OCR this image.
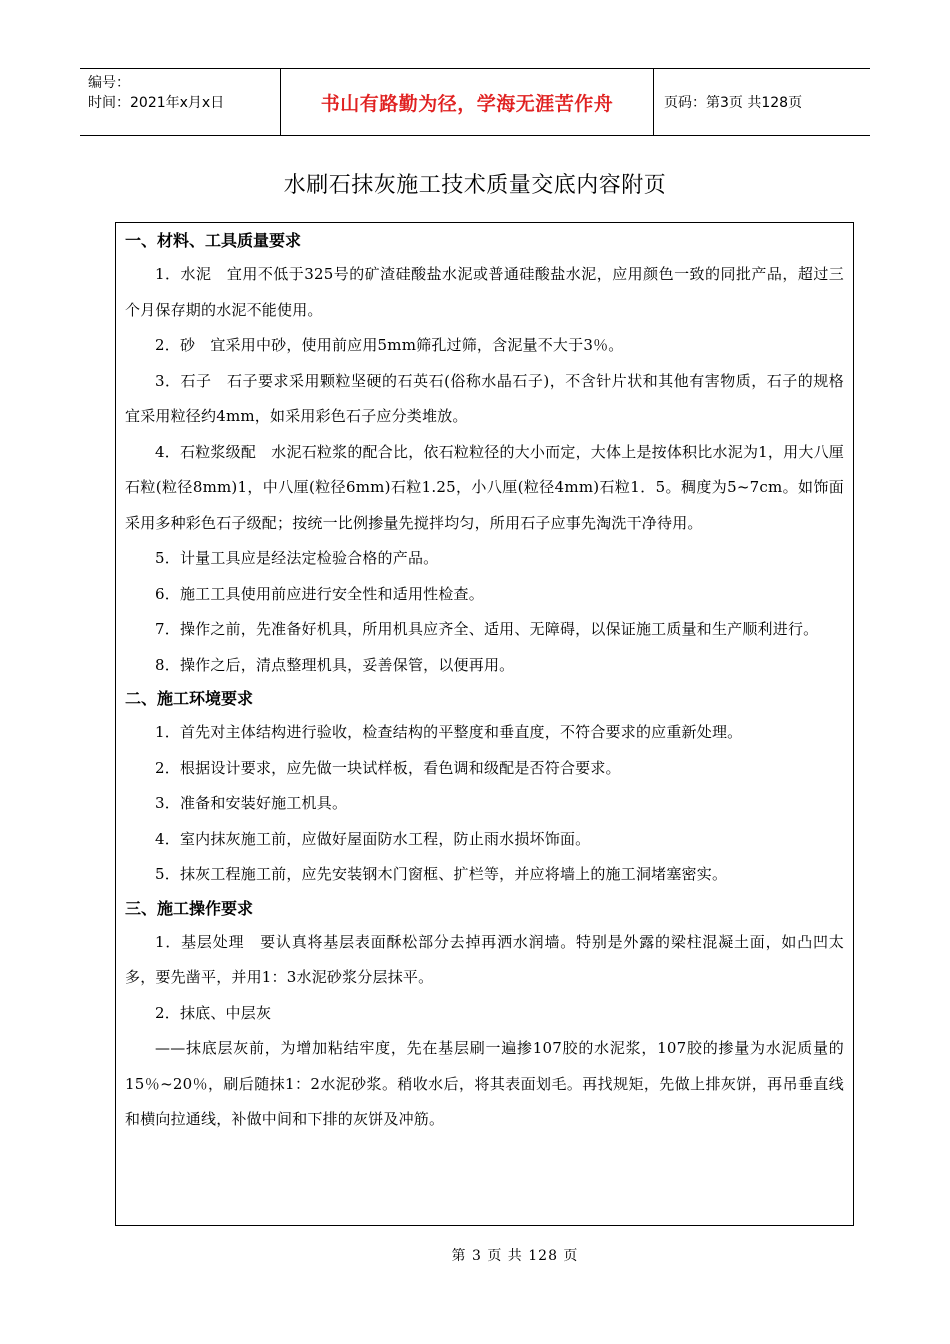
编号：
时间：2021年x月x日	书山有路勤为径，学海无涯苦作舟	页码：第3页 共128页
水刷石抹灰施工技术质量交底内容附页

一、材料、工具质量要求

1．水泥　宜用不低于325号的矿渣硅酸盐水泥或普通硅酸盐水泥，应用颜色一致的同批产品，超过三个月保存期的水泥不能使用。

2．砂　宜采用中砂，使用前应用5mm筛孔过筛，含泥量不大于3％。

3．石子　石子要求采用颗粒坚硬的石英石(俗称水晶石子)，不含针片状和其他有害物质，石子的规格宜采用粒径约4mm，如采用彩色石子应分类堆放。

4．石粒浆级配　水泥石粒浆的配合比，依石粒粒径的大小而定，大体上是按体积比水泥为1，用大八厘石粒(粒径8mm)1，中八厘(粒径6mm)石粒1.25，小八厘(粒径4mm)石粒1．5。稠度为5~7cm。如饰面采用多种彩色石子级配；按统一比例掺量先搅拌均匀，所用石子应事先淘洗干净待用。

5．计量工具应是经法定检验合格的产品。

6．施工工具使用前应进行安全性和适用性检查。

7．操作之前，先准备好机具，所用机具应齐全、适用、无障碍，以保证施工质量和生产顺利进行。

8．操作之后，清点整理机具，妥善保管，以便再用。

二、施工环境要求

1．首先对主体结构进行验收，检查结构的平整度和垂直度，不符合要求的应重新处理。

2．根据设计要求，应先做一块试样板，看色调和级配是否符合要求。

3．准备和安装好施工机具。

4．室内抹灰施工前，应做好屋面防水工程，防止雨水损坏饰面。

5．抹灰工程施工前，应先安装钢木门窗框、扩栏等，并应将墙上的施工洞堵塞密实。

三、施工操作要求

1．基层处理　要认真将基层表面酥松部分去掉再洒水润墙。特别是外露的梁柱混凝土面，如凸凹太多，要先凿平，并用1：3水泥砂浆分层抹平。

2．抹底、中层灰

——抹底层灰前，为增加粘结牢度，先在基层刷一遍掺107胶的水泥浆，107胶的掺量为水泥质量的15％~20％，刷后随抹1：2水泥砂浆。稍收水后，将其表面划毛。再找规矩，先做上排灰饼，再吊垂直线和横向拉通线，补做中间和下排的灰饼及冲筋。

第 3 页 共 128 页
